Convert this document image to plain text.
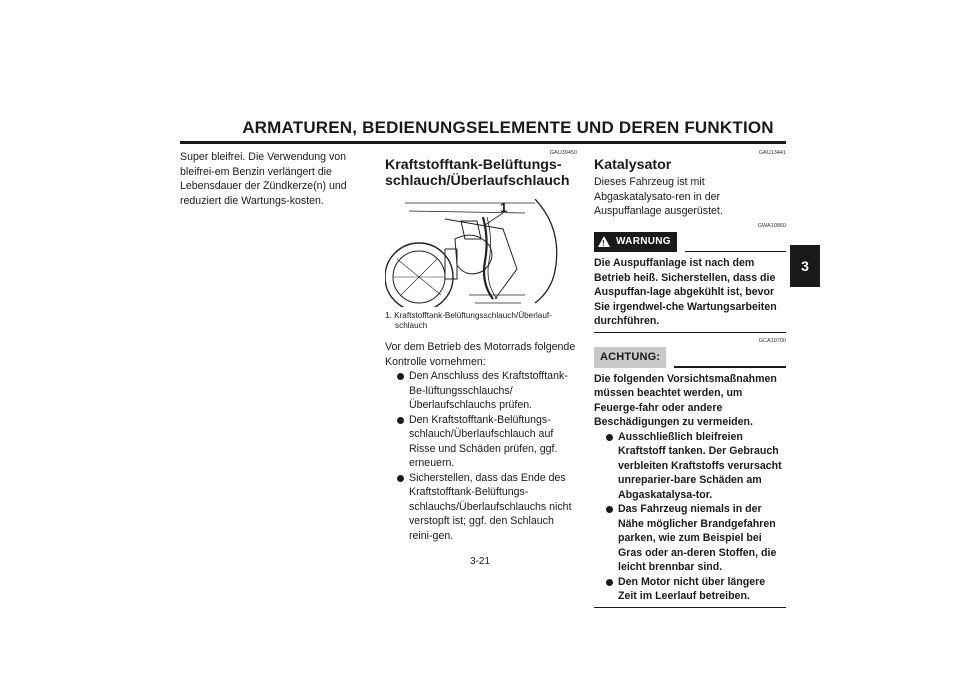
ARMATUREN, BEDIENUNGSELEMENTE UND DEREN FUNKTION
3

Super bleifrei. Die Verwendung von bleifrei-em Benzin verlängert die Lebensdauer der Zündkerze(n) und reduziert die Wartungs-kosten.

GAU39450
Kraftstofftank-Belüftungs-schlauch/Überlaufschlauch
1

1. Kraftstofftank-Belüftungsschlauch/Überlauf-schlauch

Vor dem Betrieb des Motorrads folgende Kontrolle vornehmen:

Den Anschluss des Kraftstofftank-Be-lüftungsschlauchs/Überlaufschlauchs prüfen.
Den Kraftstofftank-Belüftungs-schlauch/Überlaufschlauch auf Risse und Schäden prüfen, ggf. erneuern.
Sicherstellen, dass das Ende des Kraftstofftank-Belüftungs-schlauchs/Überlaufschlauchs nicht verstopft ist; ggf. den Schlauch reini-gen.
GAU13441
Katalysator

Dieses Fahrzeug ist mit Abgaskatalysato-ren in der Auspuffanlage ausgerüstet.

GWA10860
! WARNUNG

Die Auspuffanlage ist nach dem Betrieb heiß. Sicherstellen, dass die Auspuffan-lage abgekühlt ist, bevor Sie irgendwel-che Wartungsarbeiten durchführen.

GCA10700
ACHTUNG:

Die folgenden Vorsichtsmaßnahmen müssen beachtet werden, um Feuerge-fahr oder andere Beschädigungen zu vermeiden.

Ausschließlich bleifreien Kraftstoff tanken. Der Gebrauch verbleiten Kraftstoffs verursacht unreparier-bare Schäden am Abgaskatalysa-tor.
Das Fahrzeug niemals in der Nähe möglicher Brandgefahren parken, wie zum Beispiel bei Gras oder an-deren Stoffen, die leicht brennbar sind.
Den Motor nicht über längere Zeit im Leerlauf betreiben.
3-21
